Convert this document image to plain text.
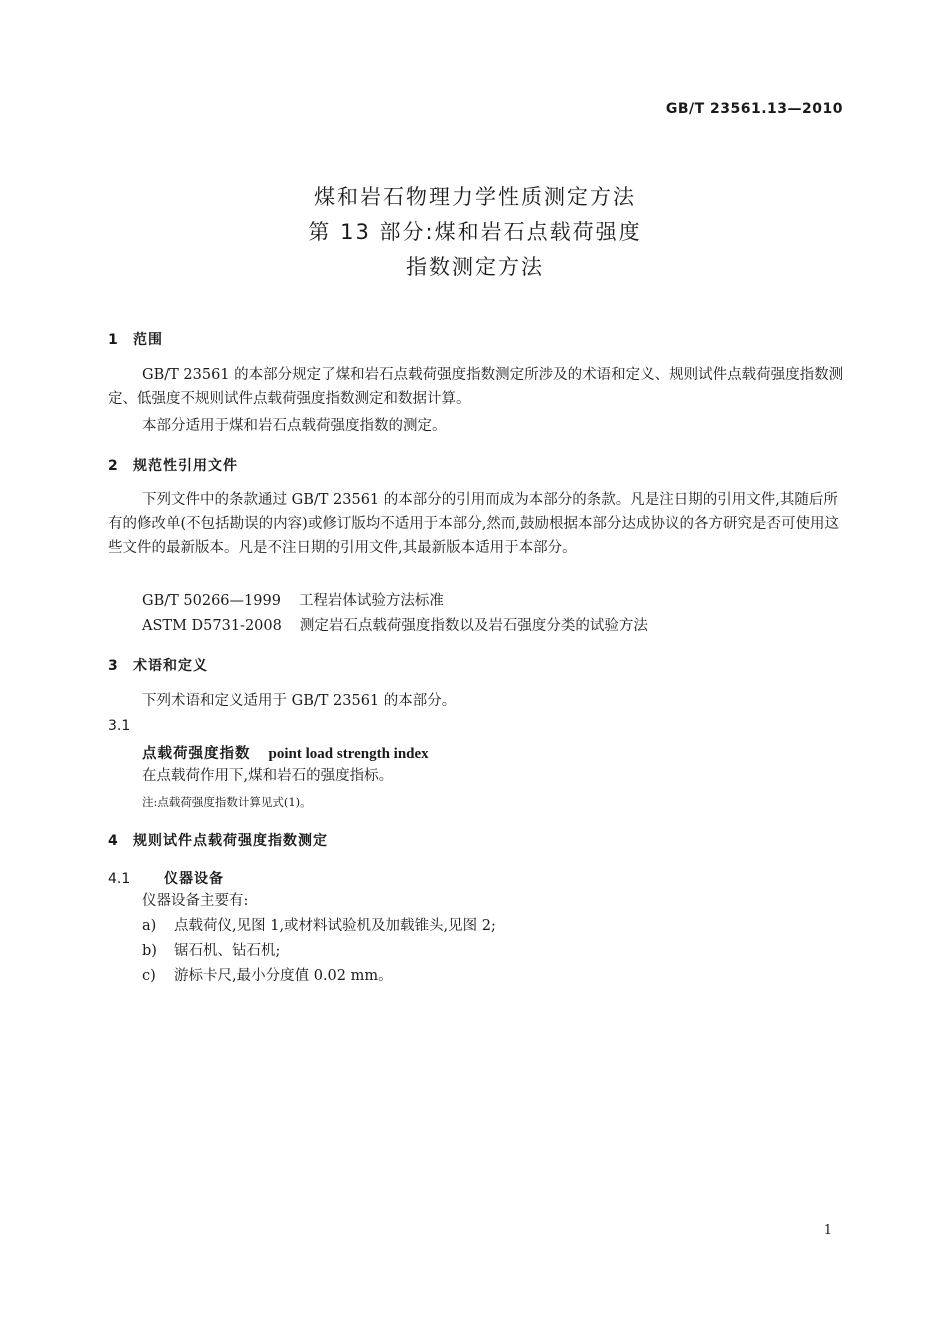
GB/T 23561.13—2010
煤和岩石物理力学性质测定方法
第 13 部分:煤和岩石点载荷强度
指数测定方法
1 范围
GB/T 23561 的本部分规定了煤和岩石点载荷强度指数测定所涉及的术语和定义、规则试件点载荷强度指数测定、低强度不规则试件点载荷强度指数测定和数据计算。
本部分适用于煤和岩石点载荷强度指数的测定。
2 规范性引用文件
下列文件中的条款通过 GB/T 23561 的本部分的引用而成为本部分的条款。凡是注日期的引用文件,其随后所有的修改单(不包括勘误的内容)或修订版均不适用于本部分,然而,鼓励根据本部分达成协议的各方研究是否可使用这些文件的最新版本。凡是不注日期的引用文件,其最新版本适用于本部分。
GB/T 50266—1999 工程岩体试验方法标准
ASTM D5731-2008 测定岩石点载荷强度指数以及岩石强度分类的试验方法
3 术语和定义
下列术语和定义适用于 GB/T 23561 的本部分。
3.1
点载荷强度指数 point load strength index
在点载荷作用下,煤和岩石的强度指标。
注:点载荷强度指数计算见式(1)。
4 规则试件点载荷强度指数测定
4.1 仪器设备
仪器设备主要有:
a) 点载荷仪,见图 1,或材料试验机及加载锥头,见图 2;
b) 锯石机、钻石机;
c) 游标卡尺,最小分度值 0.02 mm。
1
